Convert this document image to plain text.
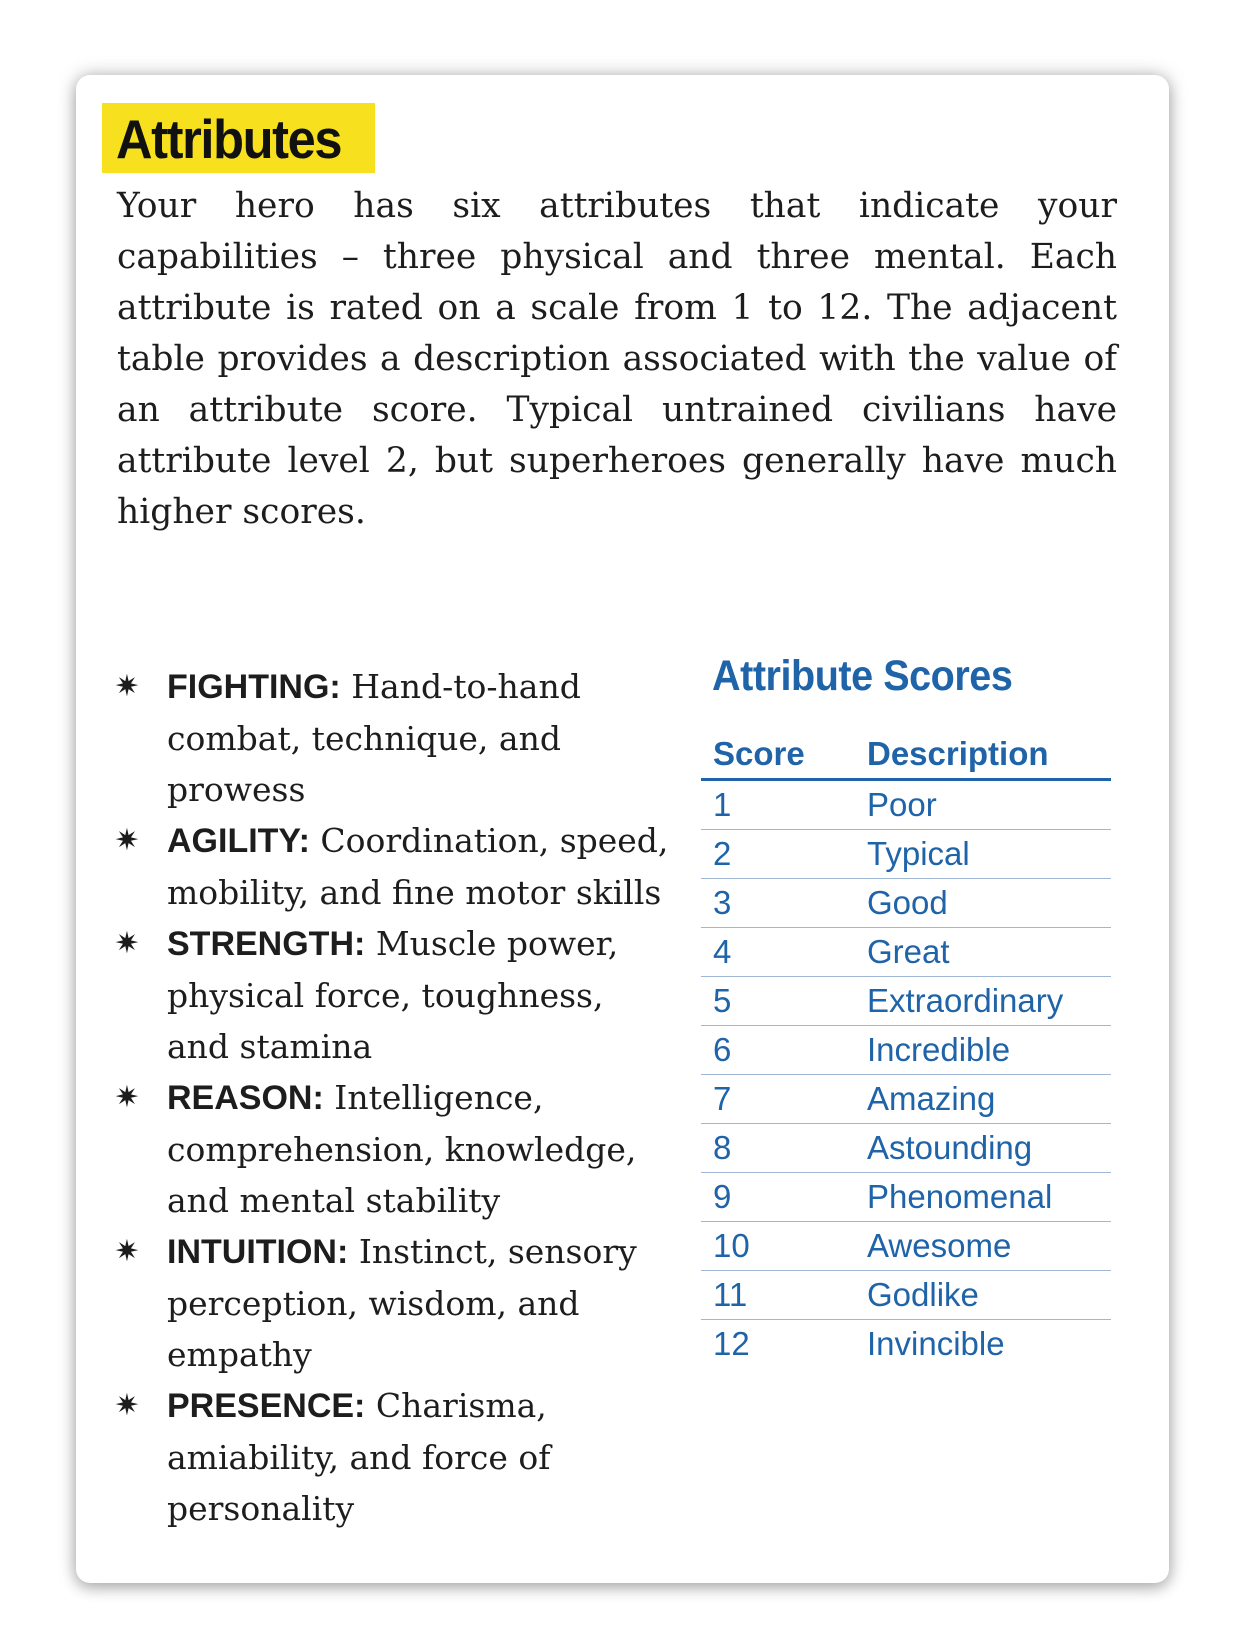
Attributes

Your hero has six attributes that indicate your capabilities – three physical and three mental. Each attribute is rated on a scale from 1 to 12. The adjacent table provides a description associated with the value of an attribute score. Typical untrained civilians have attribute level 2, but superheroes generally have much higher scores.

✷ FIGHTING: Hand-to-hand combat, technique, and prowess
✷ AGILITY: Coordination, speed, mobility, and fine motor skills
✷ STRENGTH: Muscle power, physical force, toughness, and stamina
✷ REASON: Intelligence, comprehension, knowledge, and mental stability
✷ INTUITION: Instinct, sensory perception, wisdom, and empathy
✷ PRESENCE: Charisma, amiability, and force of personality
Attribute Scores
Score	Description
1	Poor
2	Typical
3	Good
4	Great
5	Extraordinary
6	Incredible
7	Amazing
8	Astounding
9	Phenomenal
10	Awesome
11	Godlike
12	Invincible
